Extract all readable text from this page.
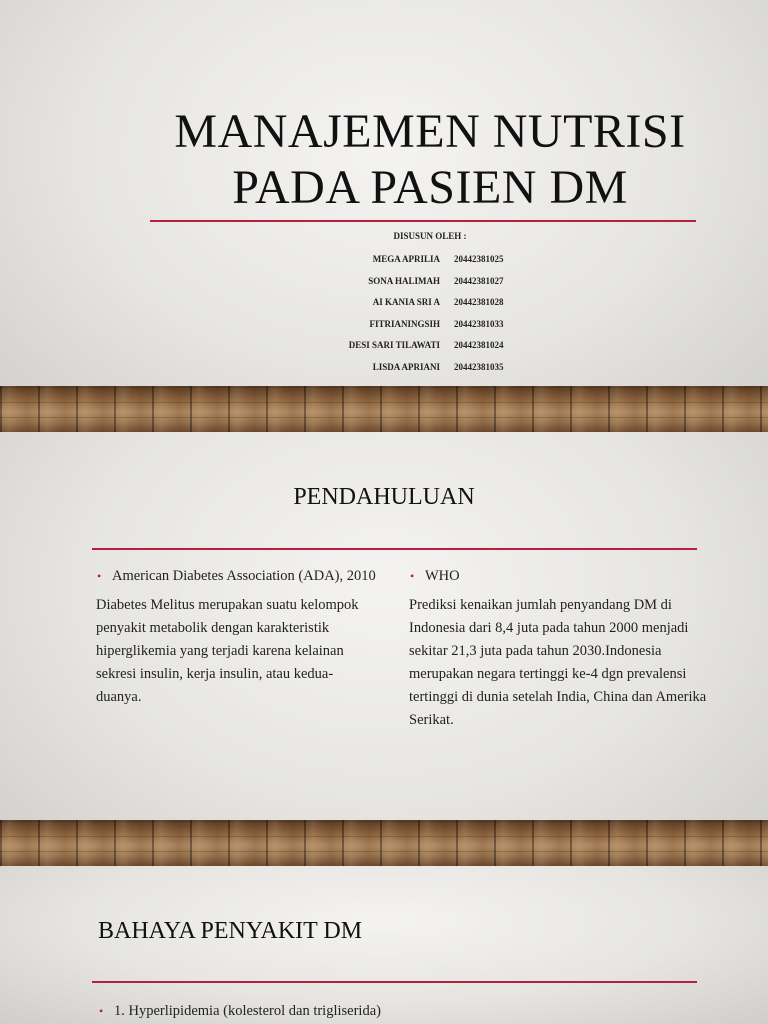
MANAJEMEN NUTRISI
PADA PASIEN DM
DISUSUN OLEH :
MEGA APRILIA	20442381025
SONA HALIMAH	20442381027
AI KANIA SRI A	20442381028
FITRIANINGSIH	20442381033
DESI SARI TILAWATI	20442381024
LISDA APRIANI	20442381035
PENDAHULUAN
• American Diabetes Association (ADA), 2010

Diabetes Melitus merupakan suatu kelompok penyakit metabolik dengan karakteristik hiperglikemia yang terjadi karena kelainan sekresi insulin, kerja insulin, atau kedua-duanya.

• WHO

Prediksi kenaikan jumlah penyandang DM di Indonesia dari 8,4 juta pada tahun 2000 menjadi sekitar 21,3 juta pada tahun 2030.Indonesia merupakan negara tertinggi ke-4 dgn prevalensi tertinggi di dunia setelah India, China dan Amerika Serikat.

BAHAYA PENYAKIT DM
• 1. Hyperlipidemia (kolesterol dan trigliserida)
